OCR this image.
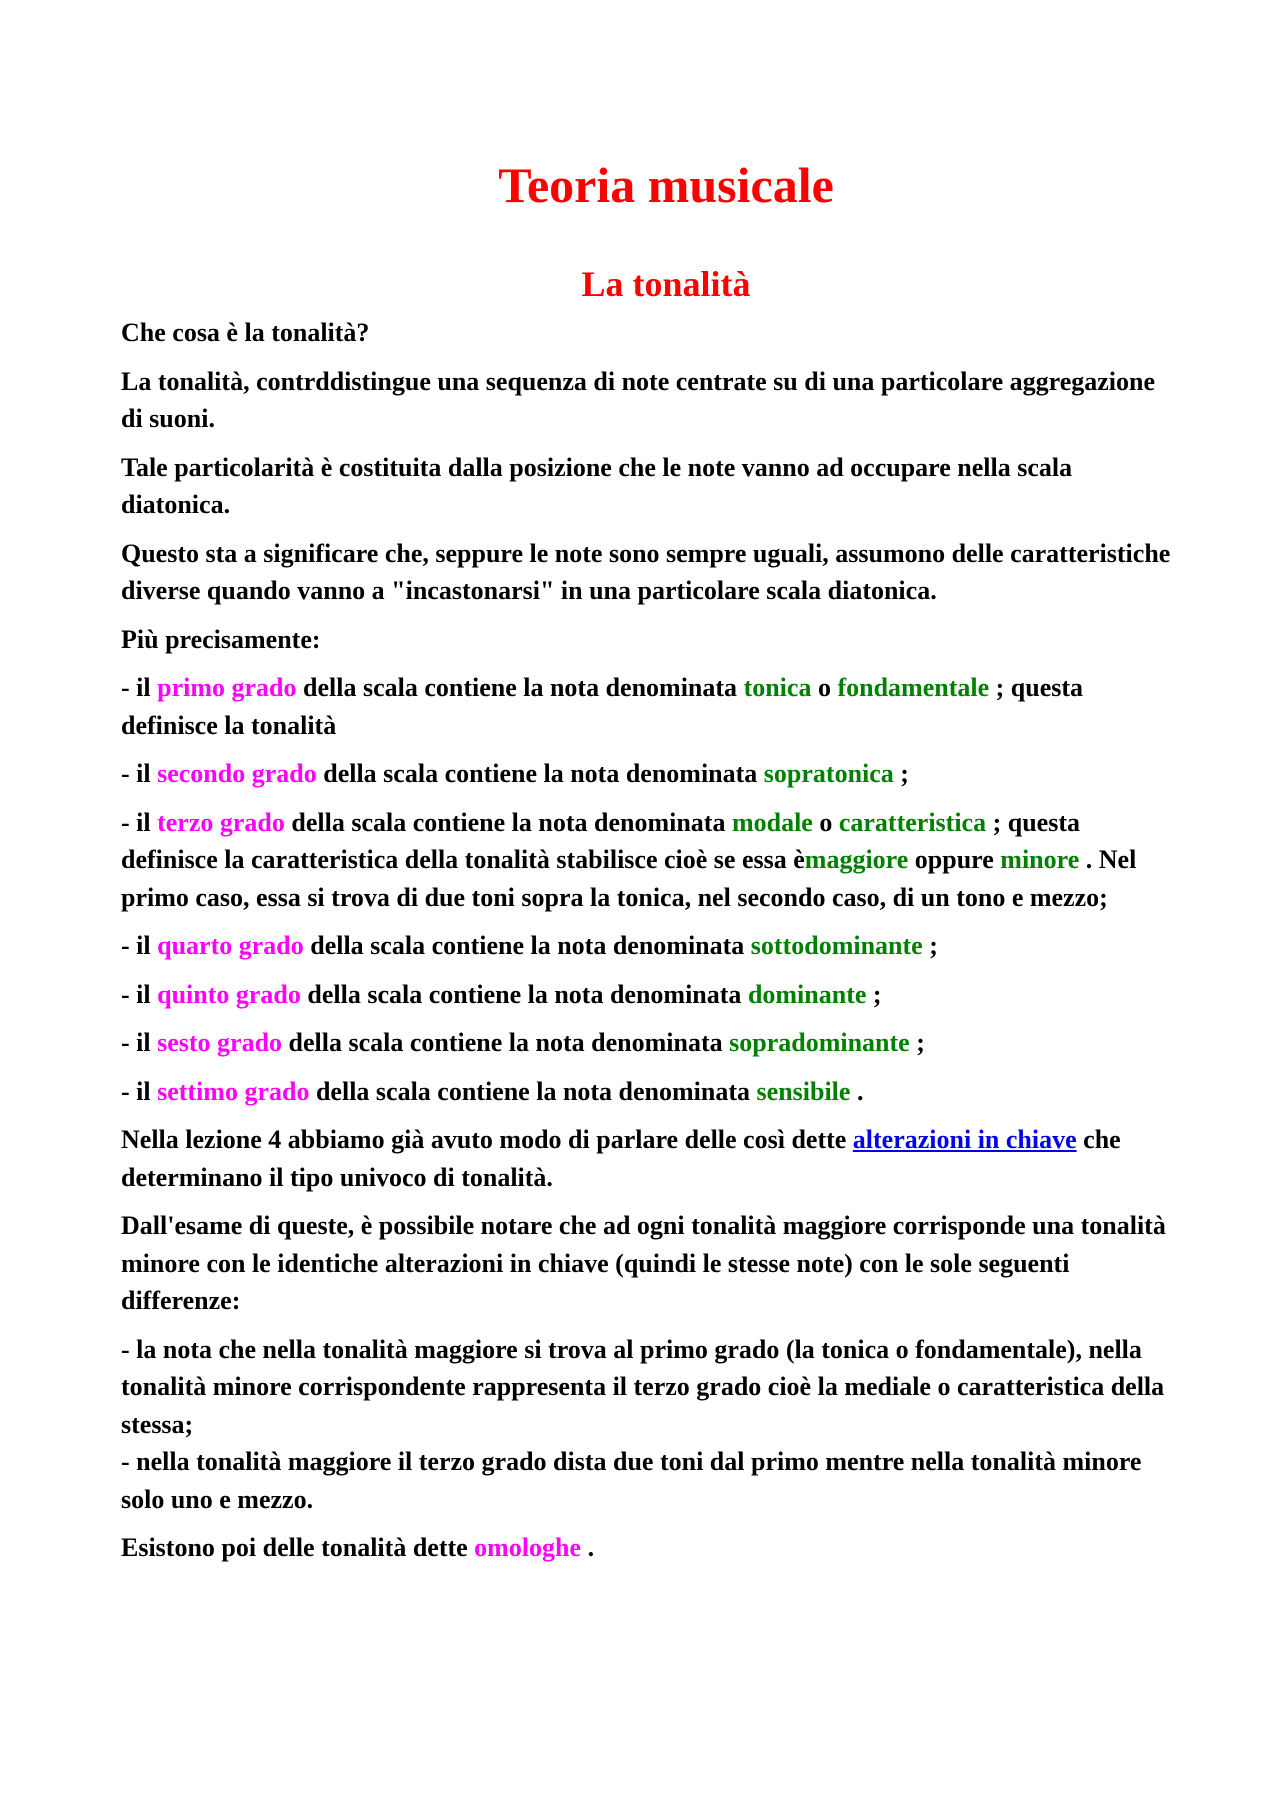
Teoria musicale
La tonalità

Che cosa è la tonalità?

La tonalità, contrddistingue una sequenza di note centrate su di una particolare aggregazione di suoni.

Tale particolarità è costituita dalla posizione che le note vanno ad occupare nella scala diatonica.

Questo sta a significare che, seppure le note sono sempre uguali, assumono delle caratteristiche diverse quando vanno a "incastonarsi" in una particolare scala diatonica.

Più precisamente:

- il primo grado della scala contiene la nota denominata tonica o fondamentale ; questa definisce la tonalità

- il secondo grado della scala contiene la nota denominata sopratonica ;

- il terzo grado della scala contiene la nota denominata modale o caratteristica ; questa definisce la caratteristica della tonalità stabilisce cioè se essa èmaggiore oppure minore . Nel primo caso, essa si trova di due toni sopra la tonica, nel secondo caso, di un tono e mezzo;

- il quarto grado della scala contiene la nota denominata sottodominante ;

- il quinto grado della scala contiene la nota denominata dominante ;

- il sesto grado della scala contiene la nota denominata sopradominante ;

- il settimo grado della scala contiene la nota denominata sensibile .

Nella lezione 4 abbiamo già avuto modo di parlare delle così dette alterazioni in chiave che determinano il tipo univoco di tonalità.

Dall'esame di queste, è possibile notare che ad ogni tonalità maggiore corrisponde una tonalità minore con le identiche alterazioni in chiave (quindi le stesse note) con le sole seguenti differenze:

- la nota che nella tonalità maggiore si trova al primo grado (la tonica o fondamentale), nella tonalità minore corrispondente rappresenta il terzo grado cioè la mediale o caratteristica della stessa;

- nella tonalità maggiore il terzo grado dista due toni dal primo mentre nella tonalità minore solo uno e mezzo.

Esistono poi delle tonalità dette omologhe .
